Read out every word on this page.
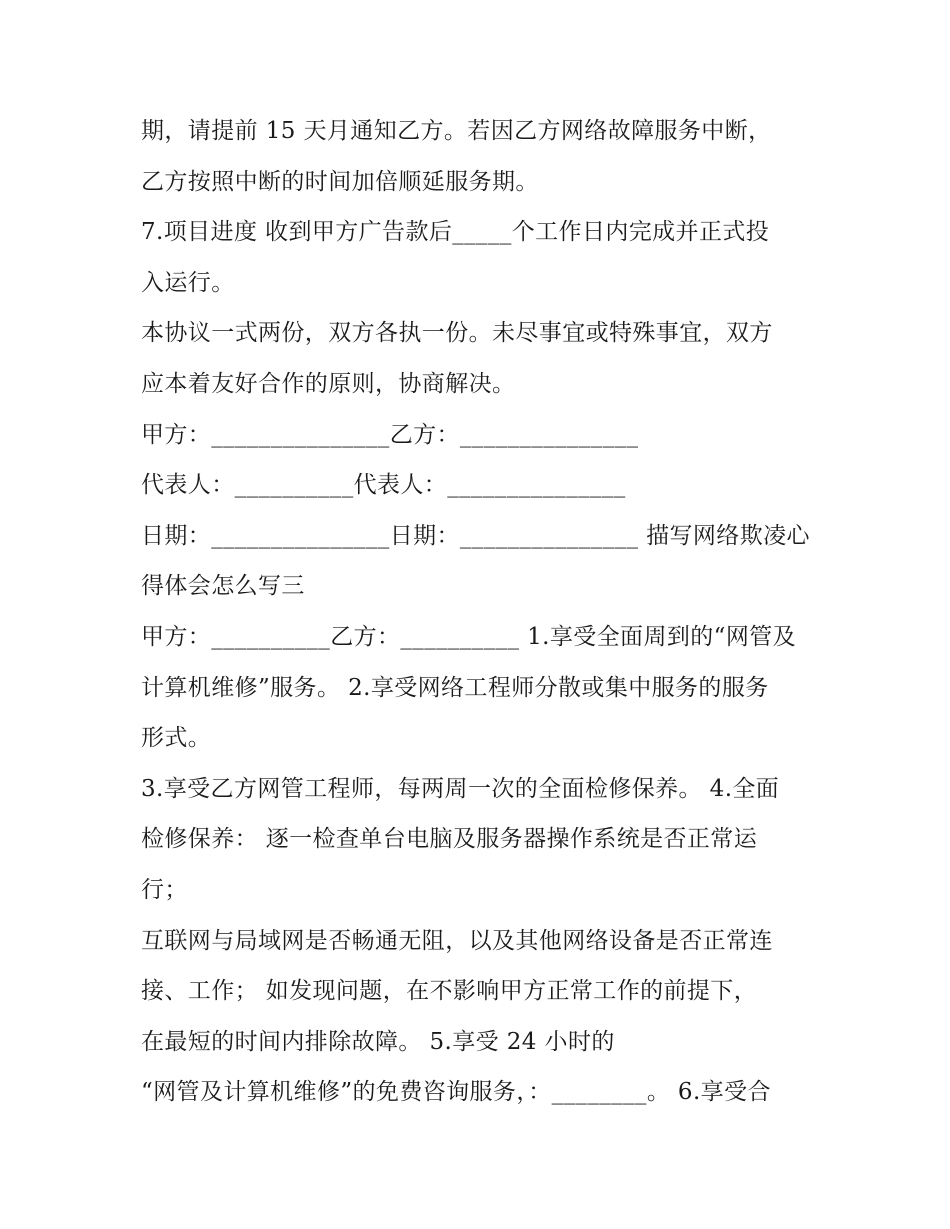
期，请提前 15 天月通知乙方。若因乙方网络故障服务中断，
乙方按照中断的时间加倍顺延服务期。
7.项目进度 收到甲方广告款后_____个工作日内完成并正式投
入运行。
本协议一式两份，双方各执一份。未尽事宜或特殊事宜，双方
应本着友好合作的原则，协商解决。
甲方：_______________乙方：_______________
代表人：__________代表人：_______________
日期：_______________日期：_______________ 描写网络欺凌心
得体会怎么写三
甲方：__________乙方：__________ 1.享受全面周到的“网管及
计算机维修”服务。 2.享受网络工程师分散或集中服务的服务
形式。
3.享受乙方网管工程师，每两周一次的全面检修保养。 4.全面
检修保养： 逐一检查单台电脑及服务器操作系统是否正常运
行；
互联网与局域网是否畅通无阻，以及其他网络设备是否正常连
接、工作； 如发现问题，在不影响甲方正常工作的前提下，
在最短的时间内排除故障。 5.享受 24 小时的
“网管及计算机维修”的免费咨询服务，：________。 6.享受合
